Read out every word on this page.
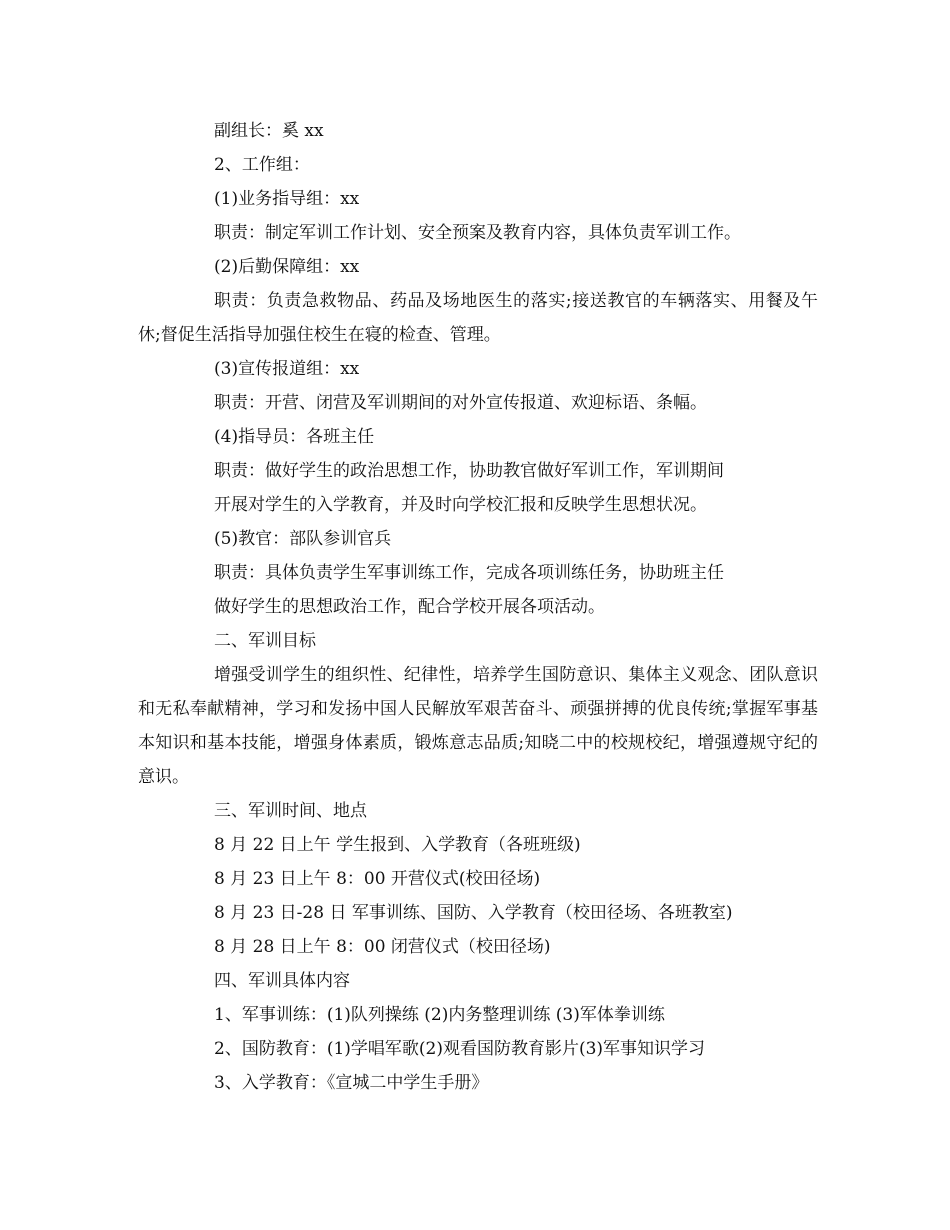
副组长：奚 xx

2、工作组：

(1)业务指导组：xx

职责：制定军训工作计划、安全预案及教育内容，具体负责军训工作。

(2)后勤保障组：xx

职责：负责急救物品、药品及场地医生的落实;接送教官的车辆落实、用餐及午休;督促生活指导加强住校生在寝的检查、管理。

(3)宣传报道组：xx

职责：开营、闭营及军训期间的对外宣传报道、欢迎标语、条幅。

(4)指导员：各班主任

职责：做好学生的政治思想工作，协助教官做好军训工作，军训期间

开展对学生的入学教育，并及时向学校汇报和反映学生思想状况。

(5)教官：部队参训官兵

职责：具体负责学生军事训练工作，完成各项训练任务，协助班主任

做好学生的思想政治工作，配合学校开展各项活动。

二、军训目标

增强受训学生的组织性、纪律性，培养学生国防意识、集体主义观念、团队意识和无私奉献精神，学习和发扬中国人民解放军艰苦奋斗、顽强拼搏的优良传统;掌握军事基本知识和基本技能，增强身体素质，锻炼意志品质;知晓二中的校规校纪，增强遵规守纪的意识。

三、军训时间、地点

8 月 22 日上午 学生报到、入学教育（各班班级)

8 月 23 日上午 8：00 开营仪式(校田径场)

8 月 23 日-28 日 军事训练、国防、入学教育（校田径场、各班教室)

8 月 28 日上午 8：00 闭营仪式（校田径场)

四、军训具体内容

1、军事训练：(1)队列操练 (2)内务整理训练 (3)军体拳训练

2、国防教育：(1)学唱军歌(2)观看国防教育影片(3)军事知识学习

3、入学教育：《宣城二中学生手册》
